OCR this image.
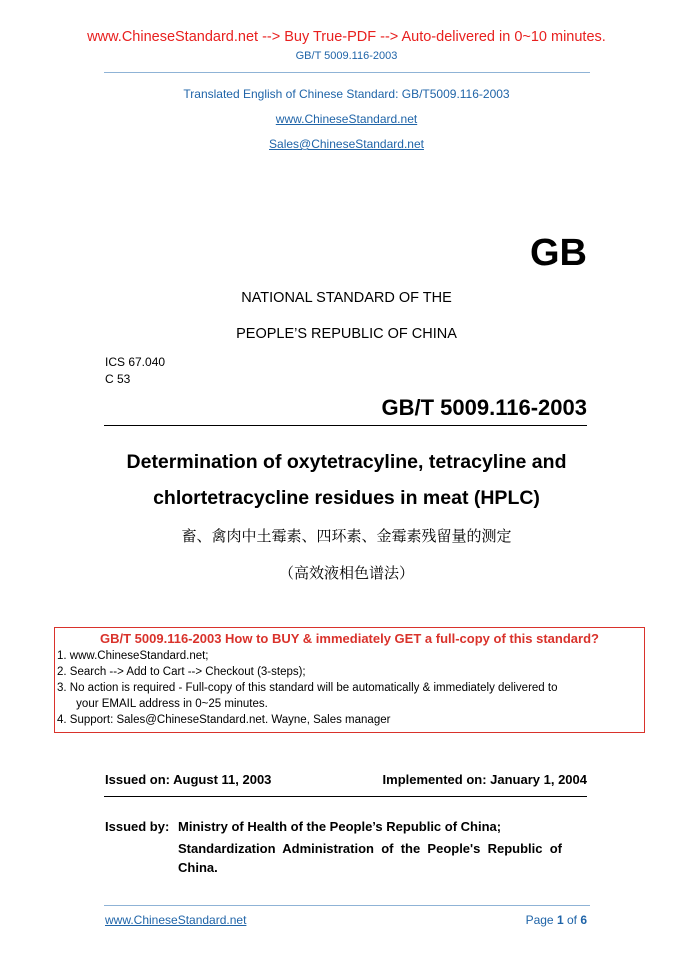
www.ChineseStandard.net --> Buy True-PDF --> Auto-delivered in 0~10 minutes.
GB/T 5009.116-2003
Translated English of Chinese Standard: GB/T5009.116-2003
www.ChineseStandard.net
Sales@ChineseStandard.net
GB
NATIONAL STANDARD OF THE
PEOPLE’S REPUBLIC OF CHINA
ICS 67.040
C 53
GB/T 5009.116-2003
Determination of oxytetracyline, tetracyline and
chlortetracycline residues in meat (HPLC)
畜、禽肉中土霉素、四环素、金霉素残留量的测定
（高效液相色谱法）
GB/T 5009.116-2003 How to BUY & immediately GET a full-copy of this standard?
1. www.ChineseStandard.net;
2. Search --> Add to Cart --> Checkout (3-steps);
3. No action is required - Full-copy of this standard will be automatically & immediately delivered to
your EMAIL address in 0~25 minutes.
4. Support: Sales@ChineseStandard.net. Wayne, Sales manager
Issued on: August 11, 2003	Implemented on: January 1, 2004
Issued by: Ministry of Health of the People’s Republic of China;
Standardization  Administration  of  the  People's  Republic  of
China.
www.ChineseStandard.net	Page 1 of 6
